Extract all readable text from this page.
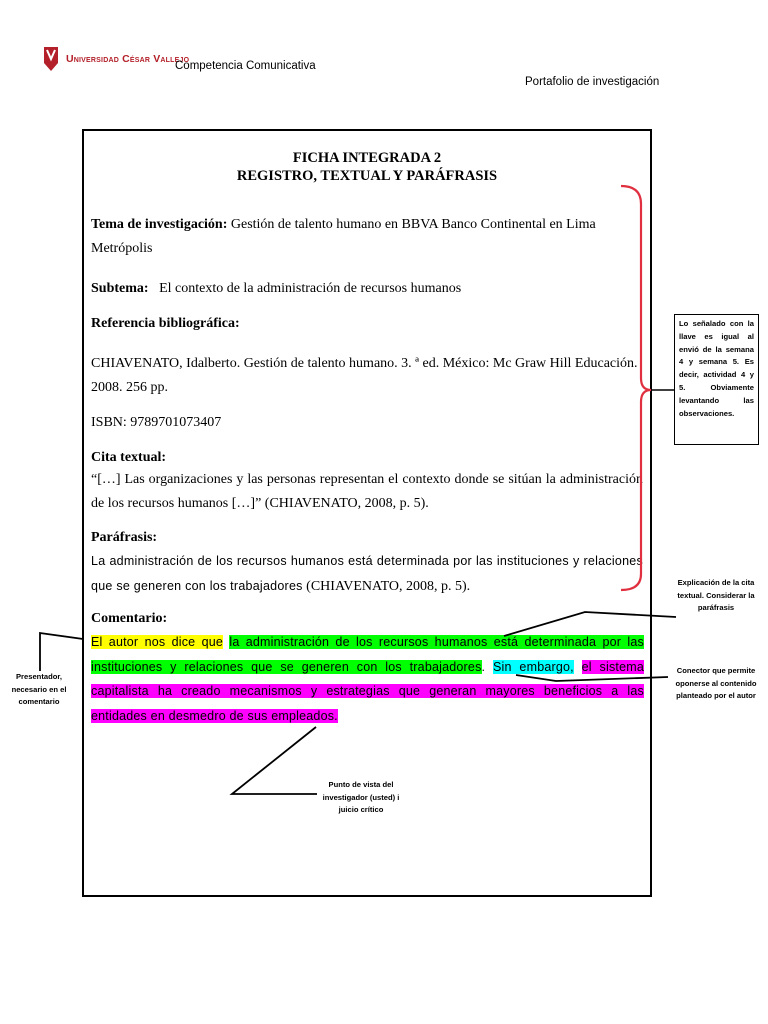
Universidad César Vallejo
Competencia Comunicativa
Portafolio de investigación
FICHA INTEGRADA 2
REGISTRO, TEXTUAL Y PARÁFRASIS
Tema de investigación: Gestión de talento humano en BBVA Banco Continental en Lima Metrópolis
Subtema: El contexto de la administración de recursos humanos
Referencia bibliográfica:
CHIAVENATO, Idalberto. Gestión de talento humano. 3. ª ed. México: Mc Graw Hill Educación. 2008. 256 pp.
ISBN: 9789701073407
Cita textual:
“[…] Las organizaciones y las personas representan el contexto donde se sitúan la administración de los recursos humanos […]” (CHIAVENATO, 2008, p. 5).
Paráfrasis:
La administración de los recursos humanos está determinada por las instituciones y relaciones que se generen con los trabajadores (CHIAVENATO, 2008, p. 5).
Comentario:
El autor nos dice que la administración de los recursos humanos está determinada por las instituciones y relaciones que se generen con los trabajadores. Sin embargo, el sistema capitalista ha creado mecanismos y estrategias que generan mayores beneficios a las entidades en desmedro de sus empleados.
Lo señalado con la llave es igual al envió de la semana 4 y semana 5. Es decir, actividad 4 y 5. Obviamente levantando las observaciones.
Explicación de la cita textual. Considerar la paráfrasis
Conector que permite oponerse al contenido planteado por el autor
Presentador, necesario en el comentario
Punto de vista del investigador (usted) i juicio crítico
